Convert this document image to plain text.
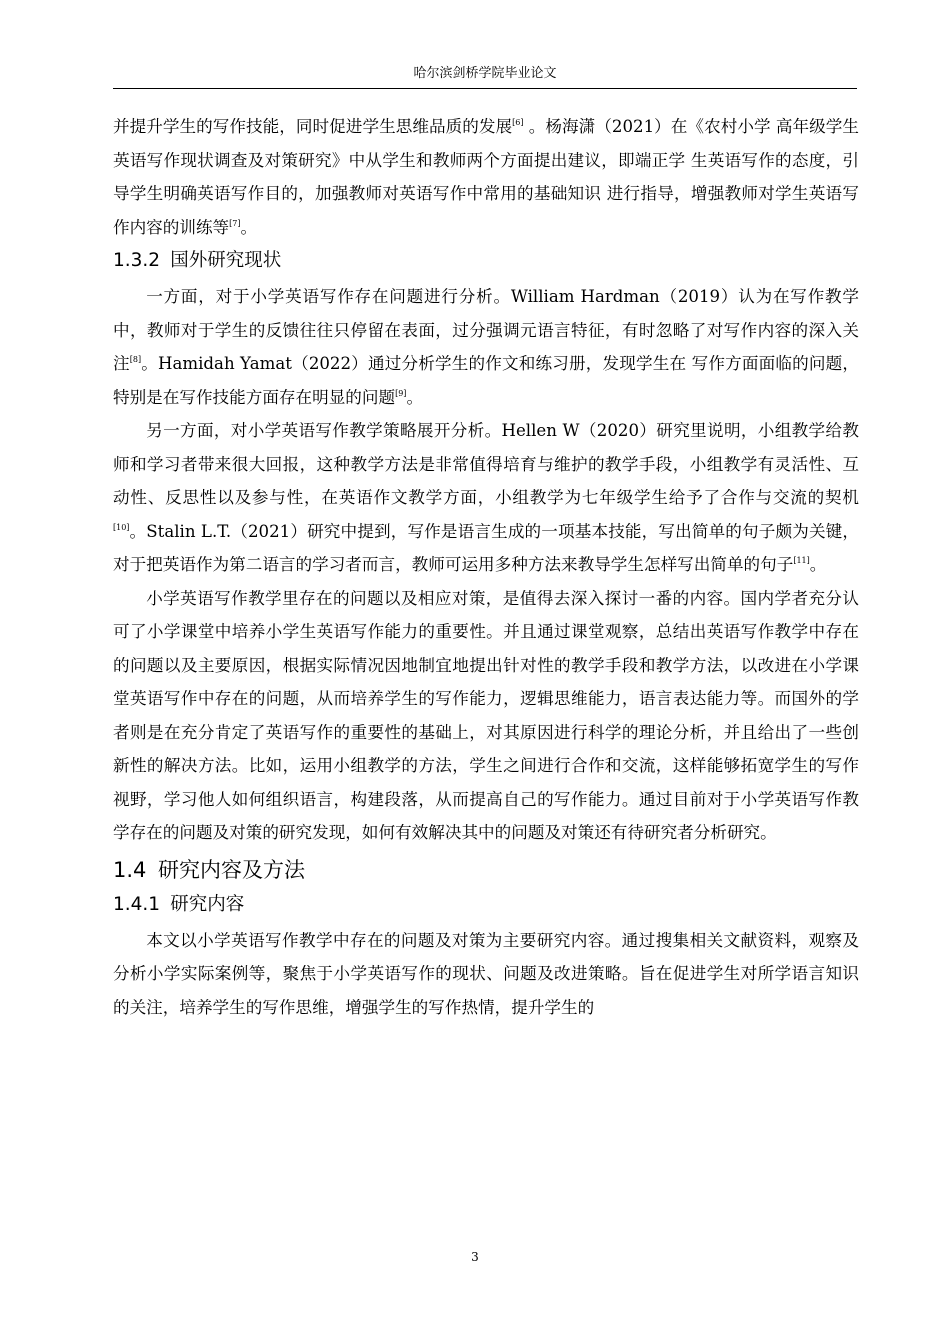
哈尔滨剑桥学院毕业论文

并提升学生的写作技能，同时促进学生思维品质的发展[6] 。杨海潇（2021）在《农村小学 高年级学生英语写作现状调查及对策研究》中从学生和教师两个方面提出建议，即端正学 生英语写作的态度，引导学生明确英语写作目的，加强教师对英语写作中常用的基础知识 进行指导，增强教师对学生英语写作内容的训练等[7]。

1.3.2 国外研究现状

一方面，对于小学英语写作存在问题进行分析。William Hardman（2019）认为在写作教学中，教师对于学生的反馈往往只停留在表面，过分强调元语言特征，有时忽略了对写作内容的深入关注[8]。Hamidah Yamat（2022）通过分析学生的作文和练习册，发现学生在 写作方面面临的问题，特别是在写作技能方面存在明显的问题[9]。

另一方面，对小学英语写作教学策略展开分析。Hellen W（2020）研究里说明，小组教学给教师和学习者带来很大回报，这种教学方法是非常值得培育与维护的教学手段，小组教学有灵活性、互动性、反思性以及参与性，在英语作文教学方面，小组教学为七年级学生给予了合作与交流的契机[10]。Stalin L.T.（2021）研究中提到，写作是语言生成的一项基本技能，写出简单的句子颇为关键，对于把英语作为第二语言的学习者而言，教师可运用多种方法来教导学生怎样写出简单的句子[11]。

小学英语写作教学里存在的问题以及相应对策，是值得去深入探讨一番的内容。国内学者充分认可了小学课堂中培养小学生英语写作能力的重要性。并且通过课堂观察，总结出英语写作教学中存在的问题以及主要原因，根据实际情况因地制宜地提出针对性的教学手段和教学方法，以改进在小学课堂英语写作中存在的问题，从而培养学生的写作能力，逻辑思维能力，语言表达能力等。而国外的学者则是在充分肯定了英语写作的重要性的基础上，对其原因进行科学的理论分析，并且给出了一些创新性的解决方法。比如，运用小组教学的方法，学生之间进行合作和交流，这样能够拓宽学生的写作视野，学习他人如何组织语言，构建段落，从而提高自己的写作能力。通过目前对于小学英语写作教学存在的问题及对策的研究发现，如何有效解决其中的问题及对策还有待研究者分析研究。

1.4 研究内容及方法
1.4.1 研究内容

本文以小学英语写作教学中存在的问题及对策为主要研究内容。通过搜集相关文献资料，观察及分析小学实际案例等，聚焦于小学英语写作的现状、问题及改进策略。旨在促进学生对所学语言知识的关注，培养学生的写作思维，增强学生的写作热情，提升学生的

3
